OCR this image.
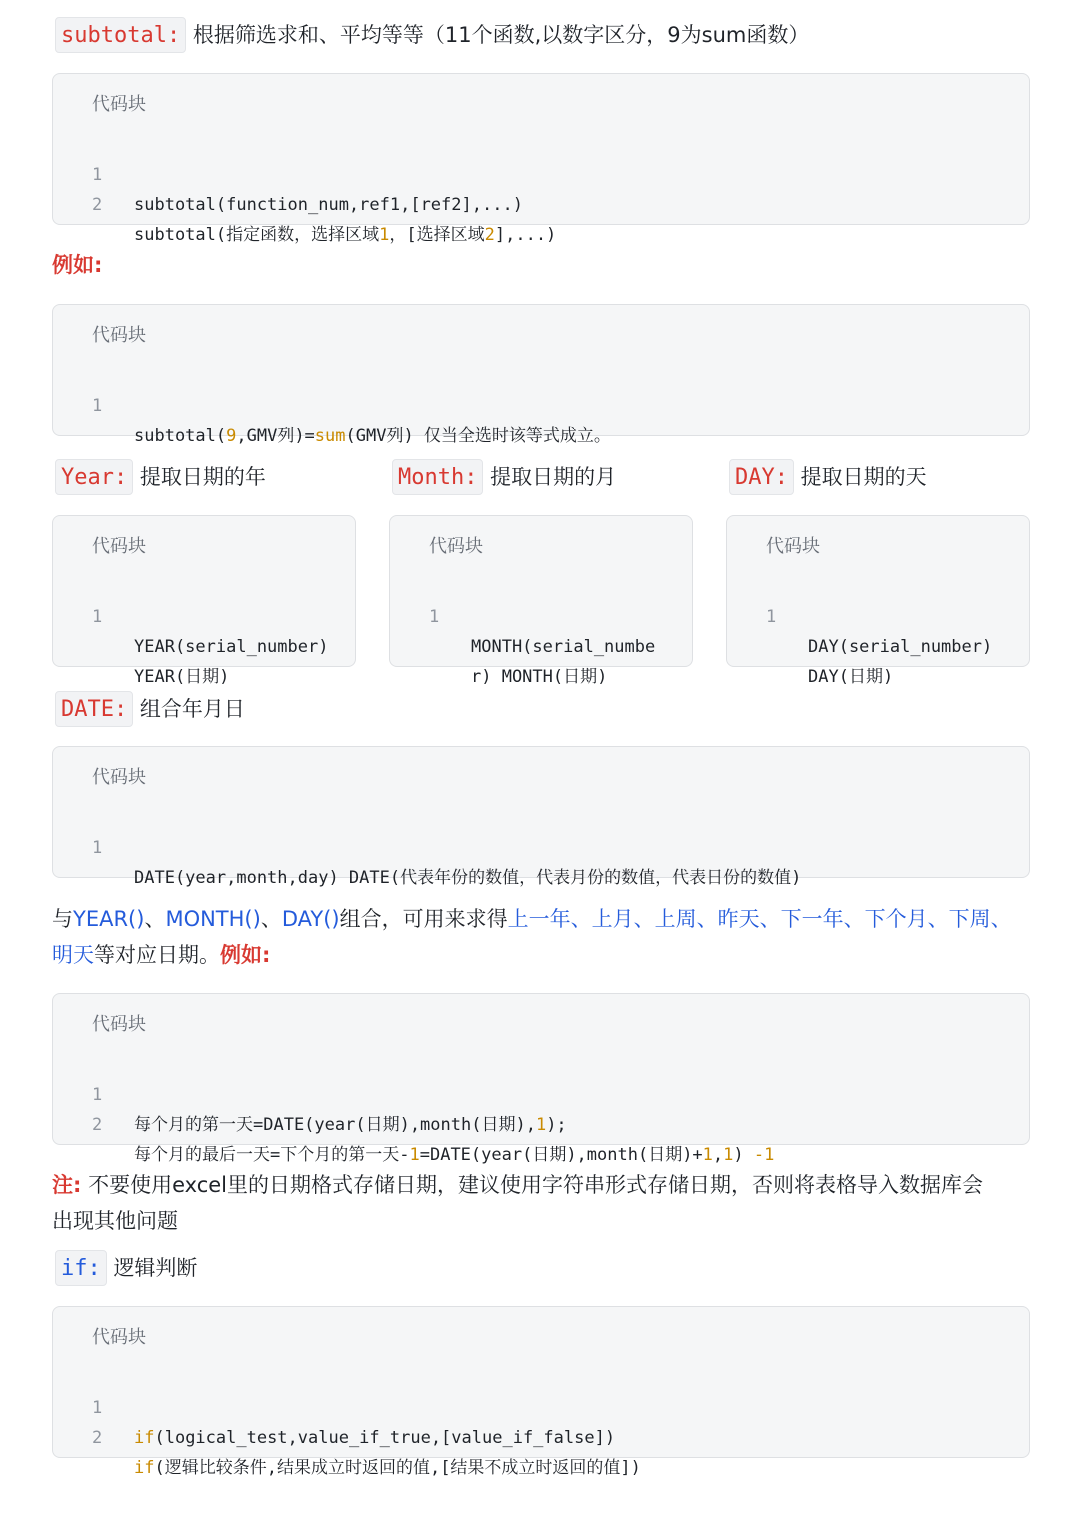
subtotal: 根据筛选求和、平均等等（11个函数,以数字区分，9为sum函数）
代码块

1

subtotal(function_num,ref1,[ref2],...)

2

subtotal(指定函数，选择区域1，[选择区域2],...)

例如:
代码块

1

subtotal(9,GMV列)=sum(GMV列) 仅当全选时该等式成立。

Year: 提取日期的年	Month: 提取日期的月	DAY: 提取日期的天
代码块

1

YEAR(serial_number) YEAR(日期)

代码块

1

MONTH(serial_number) MONTH(日期)

代码块

1

DAY(serial_number) DAY(日期)

DATE: 组合年月日
代码块

1

DATE(year,month,day) DATE(代表年份的数值，代表月份的数值，代表日份的数值)

与YEAR()、MONTH()、DAY()组合，可用来求得上一年、上月、上周、昨天、下一年、下个月、下周、
明天等对应日期。例如:
代码块

1

每个月的第一天=DATE(year(日期),month(日期),1);

2

每个月的最后一天=下个月的第一天-1=DATE(year(日期),month(日期)+1,1) -1

注: 不要使用excel里的日期格式存储日期，建议使用字符串形式存储日期，否则将表格导入数据库会
出现其他问题
if: 逻辑判断
代码块

1

if(logical_test,value_if_true,[value_if_false])

2

if(逻辑比较条件,结果成立时返回的值,[结果不成立时返回的值])
